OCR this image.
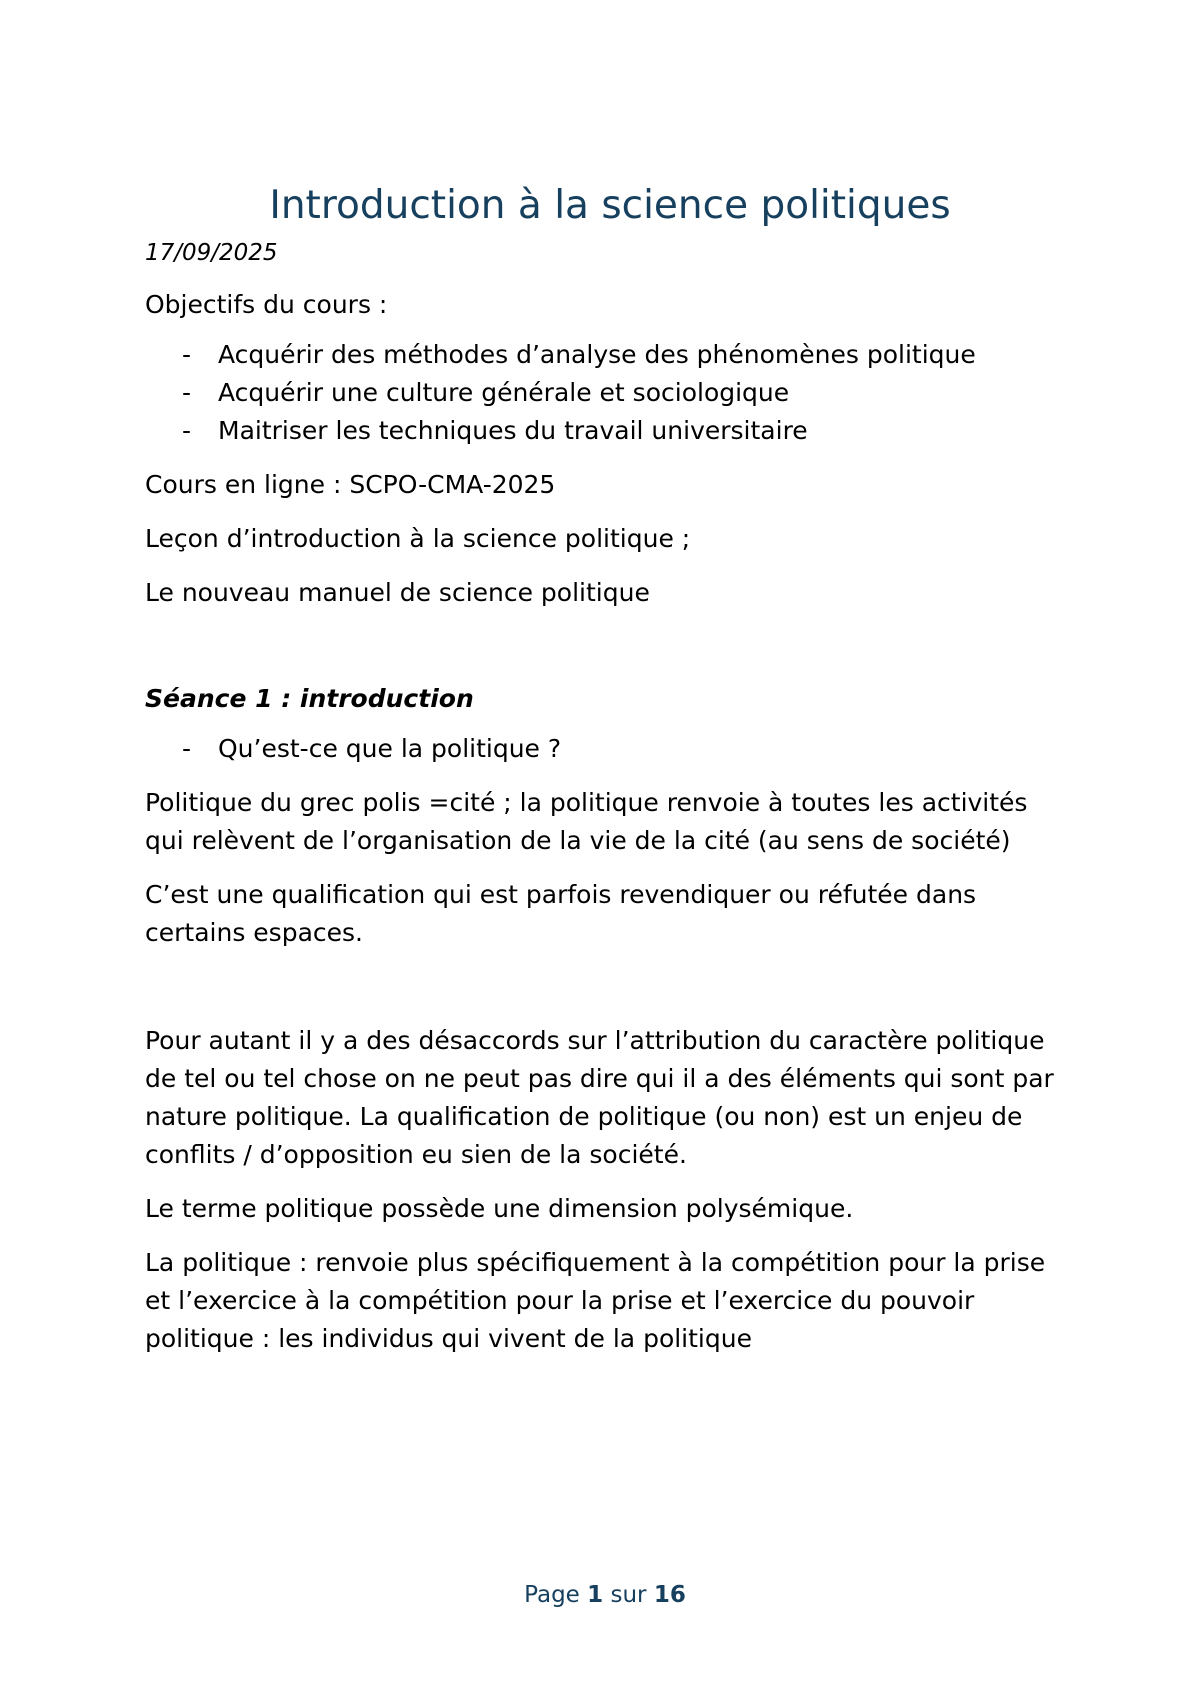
Introduction à la science politiques

17/09/2025

Objectifs du cours :

- Acquérir des méthodes d’analyse des phénomènes politique
- Acquérir une culture générale et sociologique
- Maitriser les techniques du travail universitaire

Cours en ligne : SCPO-CMA-2025

Leçon d’introduction à la science politique ;

Le nouveau manuel de science politique

Séance 1 : introduction

- Qu’est-ce que la politique ?

Politique du grec polis =cité ; la politique renvoie à toutes les activités qui relèvent de l’organisation de la vie de la cité (au sens de société)

C’est une qualification qui est parfois revendiquer ou réfutée dans certains espaces.

Pour autant il y a des désaccords sur l’attribution du caractère politique de tel ou tel chose on ne peut pas dire qui il a des éléments qui sont par nature politique. La qualification de politique (ou non) est un enjeu de conflits / d’opposition eu sien de la société.

Le terme politique possède une dimension polysémique.

La politique : renvoie plus spécifiquement à la compétition pour la prise et l’exercice à la compétition pour la prise et l’exercice du pouvoir politique : les individus qui vivent de la politique

Page 1 sur 16
